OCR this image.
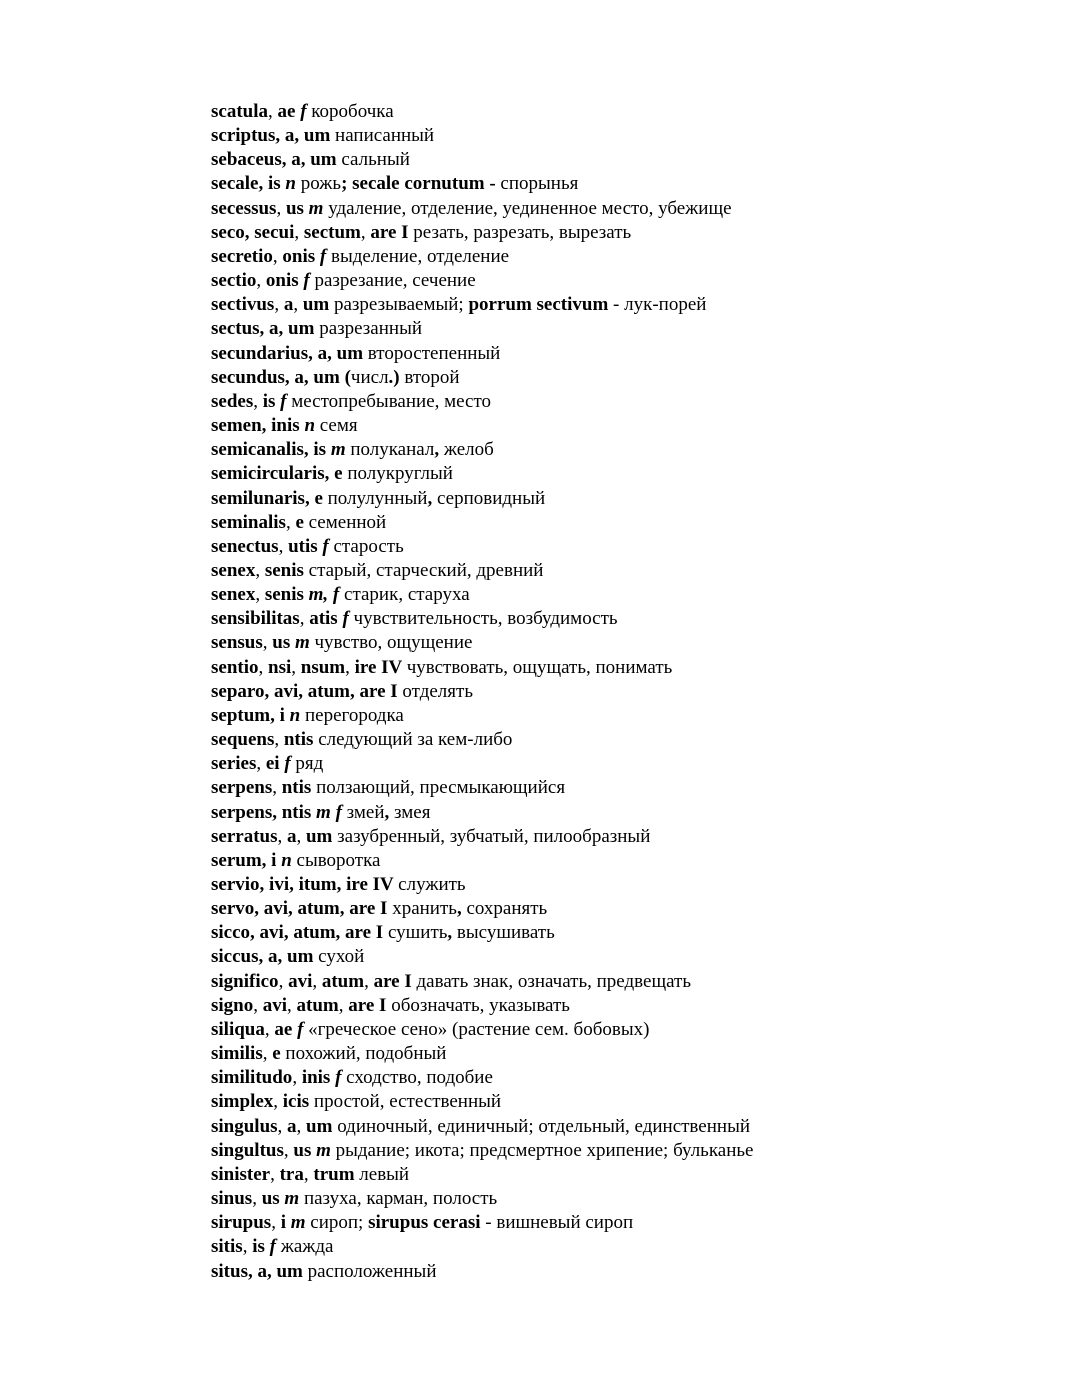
scatula, ae f коробочка
scriptus, a, um написанный
sebaceus, a, um сальный
secale, is n рожь; secale cornutum - спорынья
secessus, us m удаление, отделение, уединенное место, убежище
seco, secui, sectum, are I резать, разрезать, вырезать
secretio, onis f выделение, отделение
sectio, onis f разрезание, сечение
sectivus, a, um разрезываемый; porrum sectivum - лук-порей
sectus, a, um разрезанный
secundarius, a, um второстепенный
secundus, a, um (числ.) второй
sedes, is f местопребывание, место
semen, inis n семя
semicanalis, is m полуканал, желоб
semicircularis, e полукруглый
semilunaris, e полулунный, серповидный
seminalis, e семенной
senectus, utis f старость
senex, senis старый, старческий, древний
senex, senis m, f старик, старуха
sensibilitas, atis f чувствительность, возбудимость
sensus, us m чувство, ощущение
sentio, nsi, nsum, ire IV чувствовать, ощущать, понимать
separo, avi, atum, are I отделять
septum, i n перегородка
sequens, ntis следующий за кем-либо
series, ei f ряд
serpens, ntis ползающий, пресмыкающийся
serpens, ntis m f змей, змея
serratus, a, um зазубренный, зубчатый, пилообразный
serum, i n сыворотка
servio, ivi, itum, ire IV служить
servo, avi, atum, are I хранить, сохранять
sicco, avi, atum, are I сушить, высушивать
siccus, a, um сухой
significo, avi, atum, are I давать знак, означать, предвещать
signo, avi, atum, are I обозначать, указывать
siliqua, ae f «греческое сено» (растение сем. бобовых)
similis, e похожий, подобный
similitudo, inis f сходство, подобие
simplex, icis простой, естественный
singulus, a, um одиночный, единичный; отдельный, единственный
singultus, us m рыдание; икота; предсмертное хрипение; бульканье
sinister, tra, trum левый
sinus, us m пазуха, карман, полость
sirupus, i m сироп; sirupus cerasi - вишневый сироп
sitis, is f жажда
situs, a, um расположенный
